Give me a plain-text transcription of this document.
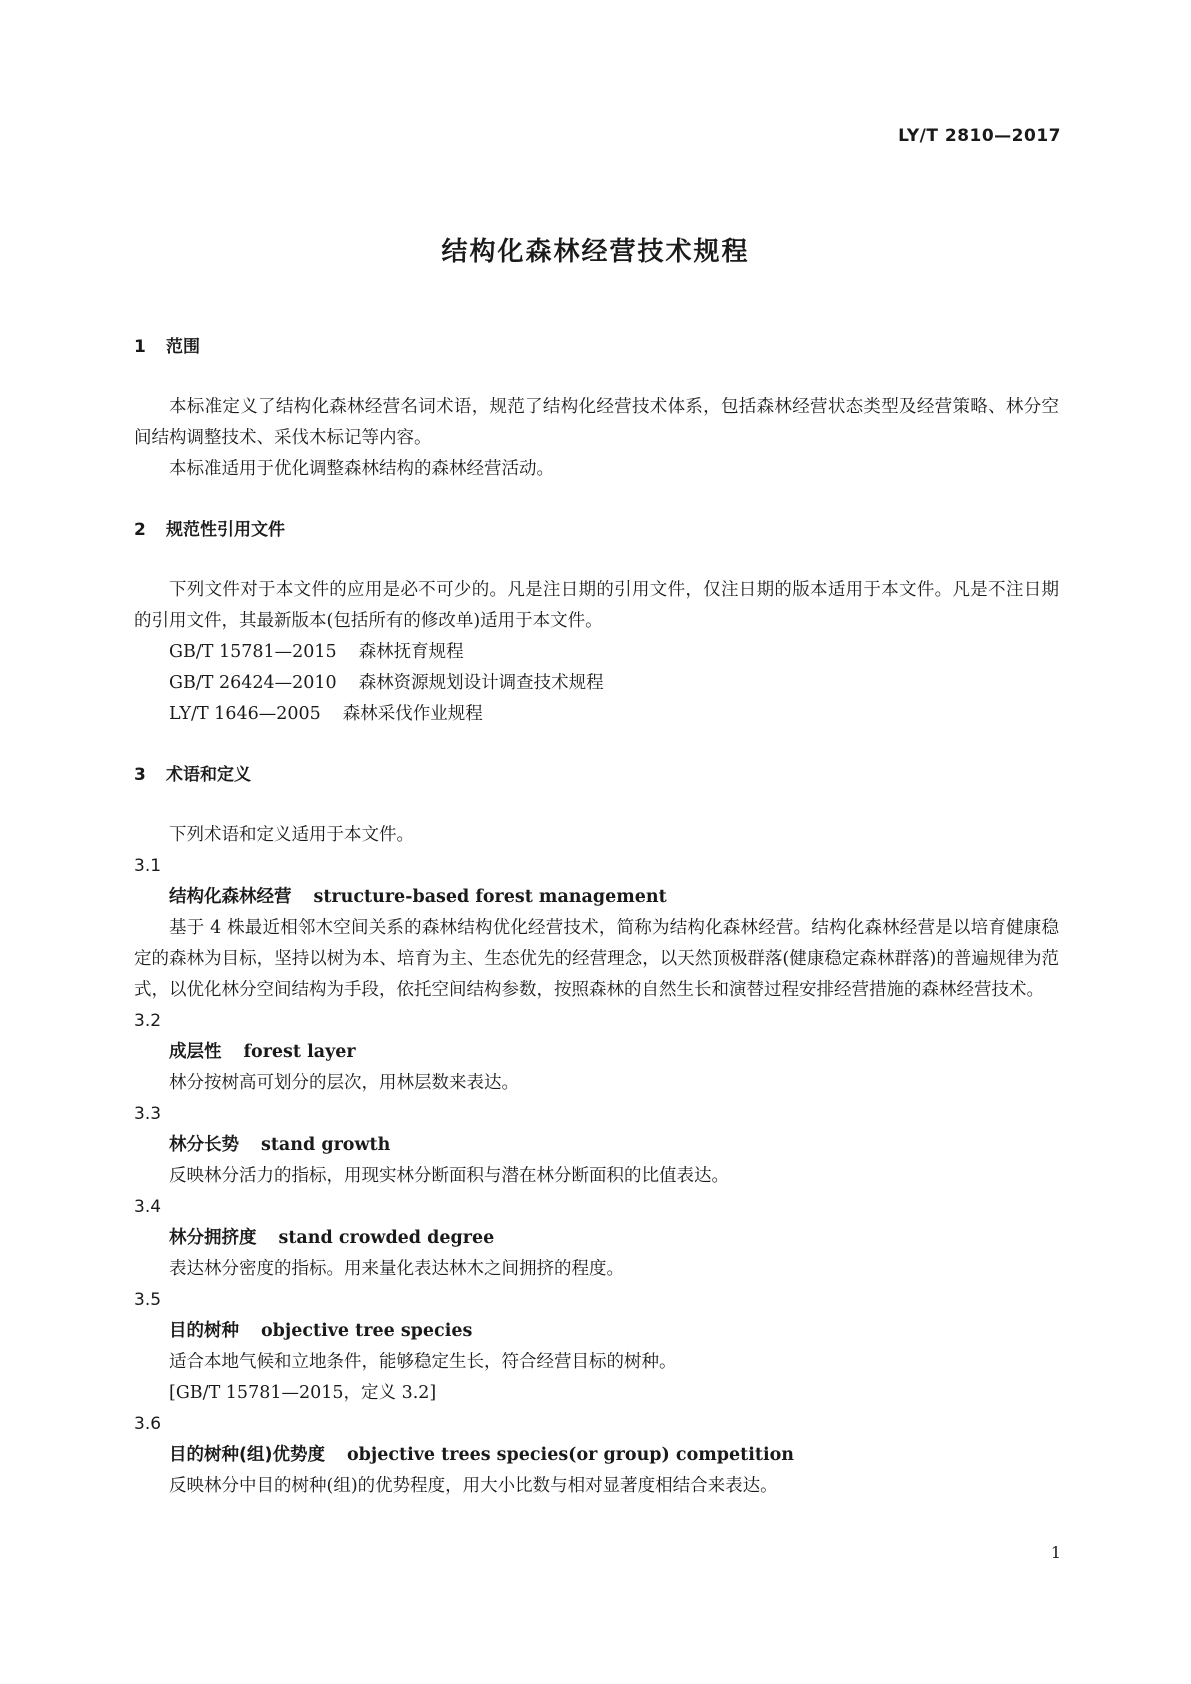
LY/T 2810—2017
结构化森林经营技术规程
1 范围

本标准定义了结构化森林经营名词术语，规范了结构化经营技术体系，包括森林经营状态类型及经营策略、林分空间结构调整技术、采伐木标记等内容。

本标准适用于优化调整森林结构的森林经营活动。

2 规范性引用文件

下列文件对于本文件的应用是必不可少的。凡是注日期的引用文件，仅注日期的版本适用于本文件。凡是不注日期的引用文件，其最新版本(包括所有的修改单)适用于本文件。

GB/T 15781—2015 森林抚育规程
GB/T 26424—2010 森林资源规划设计调查技术规程
LY/T 1646—2005 森林采伐作业规程
3 术语和定义

下列术语和定义适用于本文件。

3.1
结构化森林经营 structure-based forest management

基于 4 株最近相邻木空间关系的森林结构优化经营技术，简称为结构化森林经营。结构化森林经营是以培育健康稳定的森林为目标，坚持以树为本、培育为主、生态优先的经营理念，以天然顶极群落(健康稳定森林群落)的普遍规律为范式，以优化林分空间结构为手段，依托空间结构参数，按照森林的自然生长和演替过程安排经营措施的森林经营技术。

3.2
成层性 forest layer

林分按树高可划分的层次，用林层数来表达。

3.3
林分长势 stand growth

反映林分活力的指标，用现实林分断面积与潜在林分断面积的比值表达。

3.4
林分拥挤度 stand crowded degree

表达林分密度的指标。用来量化表达林木之间拥挤的程度。

3.5
目的树种 objective tree species

适合本地气候和立地条件，能够稳定生长，符合经营目标的树种。

[GB/T 15781—2015，定义 3.2]
3.6
目的树种(组)优势度 objective trees species(or group) competition

反映林分中目的树种(组)的优势程度，用大小比数与相对显著度相结合来表达。

1
